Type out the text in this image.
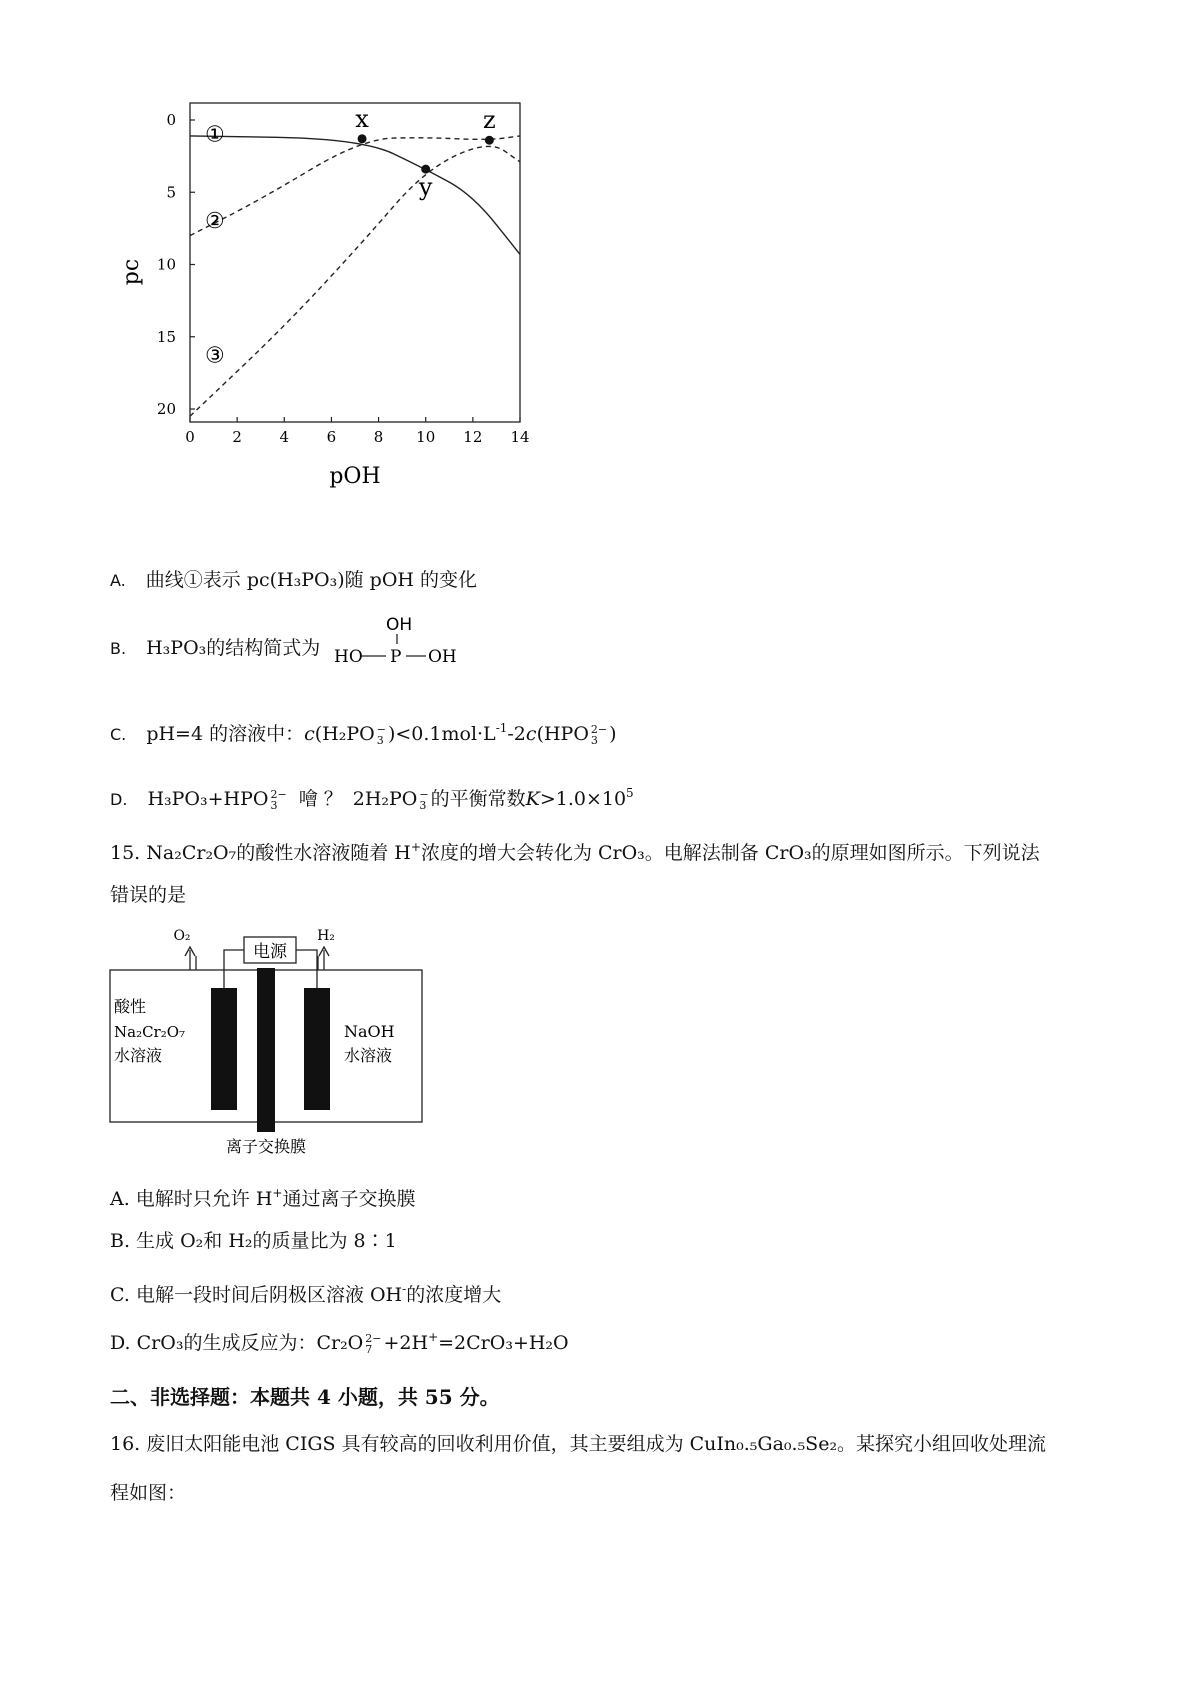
0	2	4	6	8 10 12 14
0
5
10
15
20
①
②
③
x
y
z
pOH
pc
A. 曲线①表示 pc(H₃PO₃)随 pOH 的变化
B. H₃PO₃的结构简式为
OH
HO P OH
C. pH=4 的溶液中：c(H₂PO −
3 )$<0.1mol\cdot L^{-1}-2c(HPO$ 2−
3 )
D. H₃PO₃+HPO 2−
3	噲 ？ 2H₂PO −
3 的平衡常数$K>1.0\times 10^5$
15. Na₂Cr₂O₇的酸性水溶液随着 H+浓度的增大会转化为 CrO₃。电解法制备 CrO₃的原理如图所示。下列说法
错误的是
电源
O₂	H₂
酸性
Na₂Cr₂O₇
水溶液
NaOH
水溶液
离子交换膜
A. 电解时只允许 H+通过离子交换膜
B. 生成 O₂和 H₂的质量比为 8∶1
C. 电解一段时间后阴极区溶液 OH-的浓度增大
D. CrO₃的生成反应为：Cr₂O 2−
7 +2H+=2CrO₃+H₂O
二、非选择题：本题共 4 小题，共 55 分。
16. 废旧太阳能电池 CIGS 具有较高的回收利用价值，其主要组成为 CuIn₀.₅Ga₀.₅Se₂。某探究小组回收处理流
程如图：
